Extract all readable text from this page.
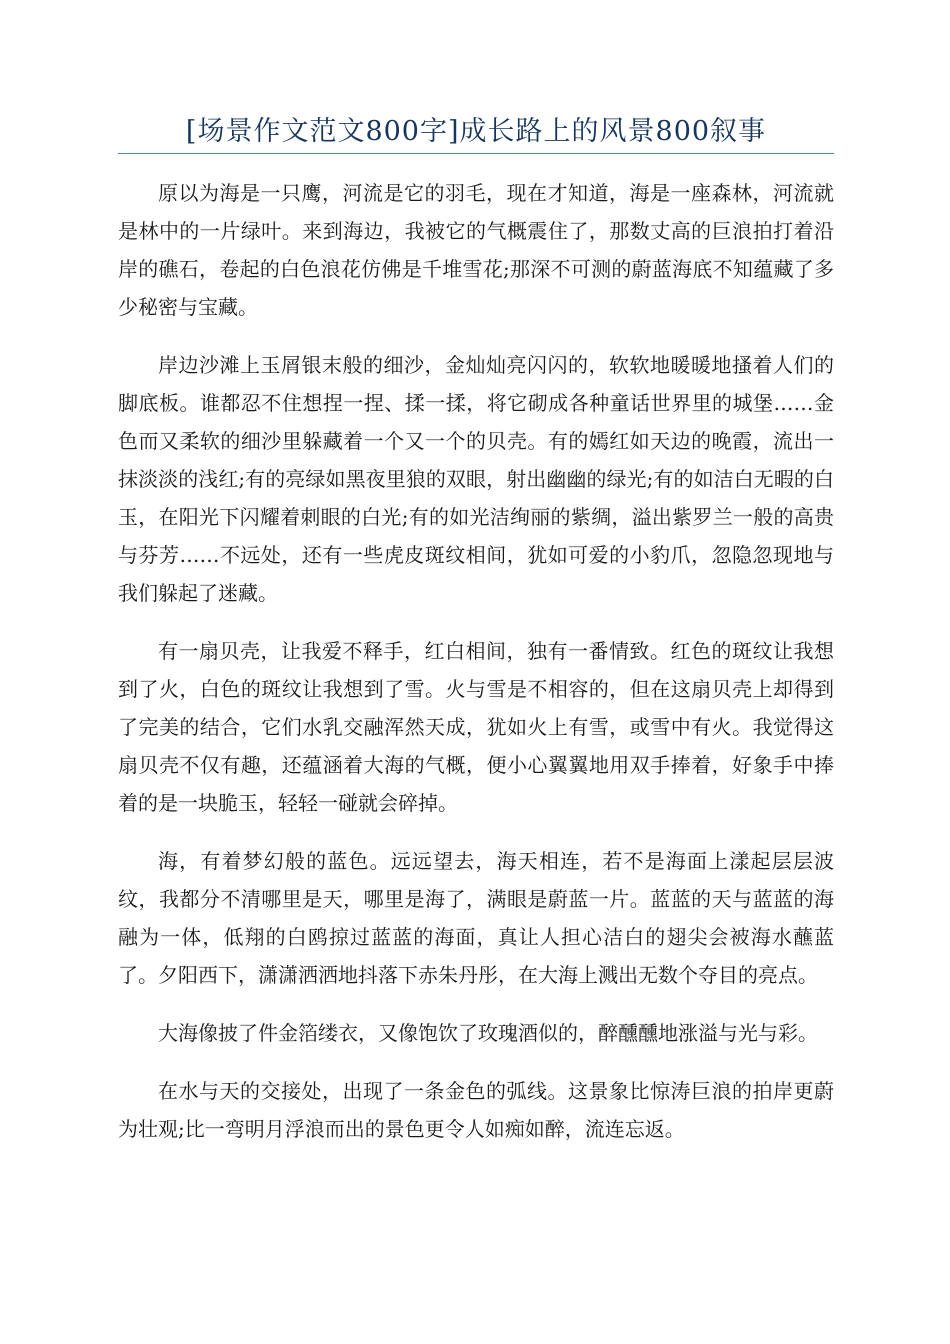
[场景作文范文800字]成长路上的风景800叙事

原以为海是一只鹰，河流是它的羽毛，现在才知道，海是一座森林，河流就是林中的一片绿叶。来到海边，我被它的气概震住了，那数丈高的巨浪拍打着沿岸的礁石，卷起的白色浪花仿佛是千堆雪花;那深不可测的蔚蓝海底不知蕴藏了多少秘密与宝藏。

岸边沙滩上玉屑银末般的细沙，金灿灿亮闪闪的，软软地暖暖地搔着人们的脚底板。谁都忍不住想捏一捏、揉一揉，将它砌成各种童话世界里的城堡……金色而又柔软的细沙里躲藏着一个又一个的贝壳。有的嫣红如天边的晚霞，流出一抹淡淡的浅红;有的亮绿如黑夜里狼的双眼，射出幽幽的绿光;有的如洁白无暇的白玉，在阳光下闪耀着刺眼的白光;有的如光洁绚丽的紫绸，溢出紫罗兰一般的高贵与芬芳……不远处，还有一些虎皮斑纹相间，犹如可爱的小豹爪，忽隐忽现地与我们躲起了迷藏。

有一扇贝壳，让我爱不释手，红白相间，独有一番情致。红色的斑纹让我想到了火，白色的斑纹让我想到了雪。火与雪是不相容的，但在这扇贝壳上却得到了完美的结合，它们水乳交融浑然天成，犹如火上有雪，或雪中有火。我觉得这扇贝壳不仅有趣，还蕴涵着大海的气概，便小心翼翼地用双手捧着，好象手中捧着的是一块脆玉，轻轻一碰就会碎掉。

海，有着梦幻般的蓝色。远远望去，海天相连，若不是海面上漾起层层波纹，我都分不清哪里是天，哪里是海了，满眼是蔚蓝一片。蓝蓝的天与蓝蓝的海融为一体，低翔的白鸥掠过蓝蓝的海面，真让人担心洁白的翅尖会被海水蘸蓝了。夕阳西下，潇潇洒洒地抖落下赤朱丹彤，在大海上溅出无数个夺目的亮点。

大海像披了件金箔缕衣，又像饱饮了玫瑰酒似的，醉醺醺地涨溢与光与彩。

在水与天的交接处，出现了一条金色的弧线。这景象比惊涛巨浪的拍岸更蔚为壮观;比一弯明月浮浪而出的景色更令人如痴如醉，流连忘返。
